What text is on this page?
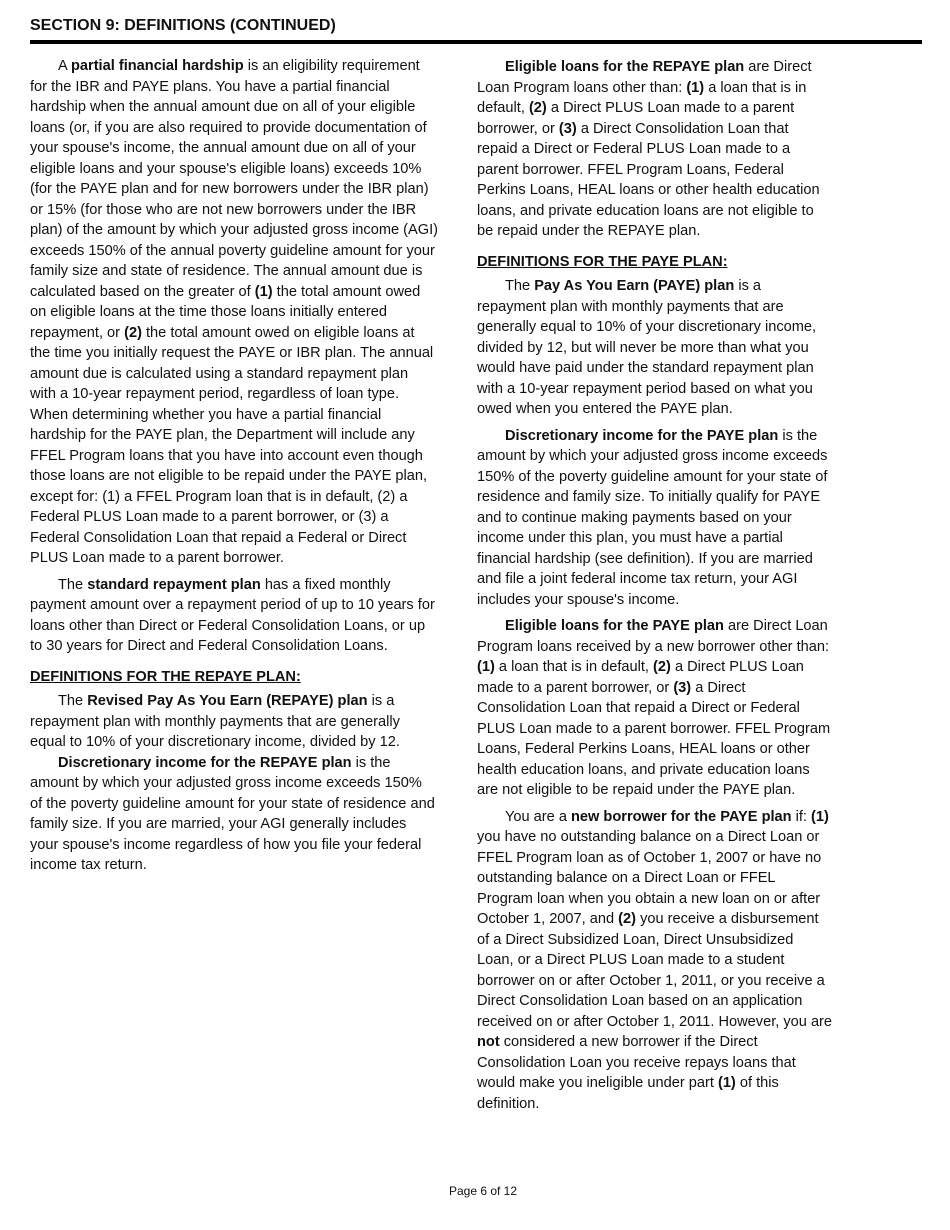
SECTION 9: DEFINITIONS (CONTINUED)

A partial financial hardship is an eligibility requirement for the IBR and PAYE plans. You have a partial financial hardship when the annual amount due on all of your eligible loans (or, if you are also required to provide documentation of your spouse's income, the annual amount due on all of your eligible loans and your spouse's eligible loans) exceeds 10% (for the PAYE plan and for new borrowers under the IBR plan) or 15% (for those who are not new borrowers under the IBR plan) of the amount by which your adjusted gross income (AGI) exceeds 150% of the annual poverty guideline amount for your family size and state of residence. The annual amount due is calculated based on the greater of (1) the total amount owed on eligible loans at the time those loans initially entered repayment, or (2) the total amount owed on eligible loans at the time you initially request the PAYE or IBR plan. The annual amount due is calculated using a standard repayment plan with a 10-year repayment period, regardless of loan type. When determining whether you have a partial financial hardship for the PAYE plan, the Department will include any FFEL Program loans that you have into account even though those loans are not eligible to be repaid under the PAYE plan, except for: (1) a FFEL Program loan that is in default, (2) a Federal PLUS Loan made to a parent borrower, or (3) a Federal Consolidation Loan that repaid a Federal or Direct PLUS Loan made to a parent borrower.

The standard repayment plan has a fixed monthly payment amount over a repayment period of up to 10 years for loans other than Direct or Federal Consolidation Loans, or up to 30 years for Direct and Federal Consolidation Loans.

DEFINITIONS FOR THE REPAYE PLAN:

The Revised Pay As You Earn (REPAYE) plan is a repayment plan with monthly payments that are generally equal to 10% of your discretionary income, divided by 12.

Discretionary income for the REPAYE plan is the amount by which your adjusted gross income exceeds 150% of the poverty guideline amount for your state of residence and family size. If you are married, your AGI generally includes your spouse's income regardless of how you file your federal income tax return.

Eligible loans for the REPAYE plan are Direct Loan Program loans other than: (1) a loan that is in default, (2) a Direct PLUS Loan made to a parent borrower, or (3) a Direct Consolidation Loan that repaid a Direct or Federal PLUS Loan made to a parent borrower. FFEL Program Loans, Federal Perkins Loans, HEAL loans or other health education loans, and private education loans are not eligible to be repaid under the REPAYE plan.

DEFINITIONS FOR THE PAYE PLAN:

The Pay As You Earn (PAYE) plan is a repayment plan with monthly payments that are generally equal to 10% of your discretionary income, divided by 12, but will never be more than what you would have paid under the standard repayment plan with a 10-year repayment period based on what you owed when you entered the PAYE plan.

Discretionary income for the PAYE plan is the amount by which your adjusted gross income exceeds 150% of the poverty guideline amount for your state of residence and family size. To initially qualify for PAYE and to continue making payments based on your income under this plan, you must have a partial financial hardship (see definition). If you are married and file a joint federal income tax return, your AGI includes your spouse's income.

Eligible loans for the PAYE plan are Direct Loan Program loans received by a new borrower other than: (1) a loan that is in default, (2) a Direct PLUS Loan made to a parent borrower, or (3) a Direct Consolidation Loan that repaid a Direct or Federal PLUS Loan made to a parent borrower. FFEL Program Loans, Federal Perkins Loans, HEAL loans or other health education loans, and private education loans are not eligible to be repaid under the PAYE plan.

You are a new borrower for the PAYE plan if: (1) you have no outstanding balance on a Direct Loan or FFEL Program loan as of October 1, 2007 or have no outstanding balance on a Direct Loan or FFEL Program loan when you obtain a new loan on or after October 1, 2007, and (2) you receive a disbursement of a Direct Subsidized Loan, Direct Unsubsidized Loan, or a Direct PLUS Loan made to a student borrower on or after October 1, 2011, or you receive a Direct Consolidation Loan based on an application received on or after October 1, 2011. However, you are not considered a new borrower if the Direct Consolidation Loan you receive repays loans that would make you ineligible under part (1) of this definition.

Page 6 of 12
